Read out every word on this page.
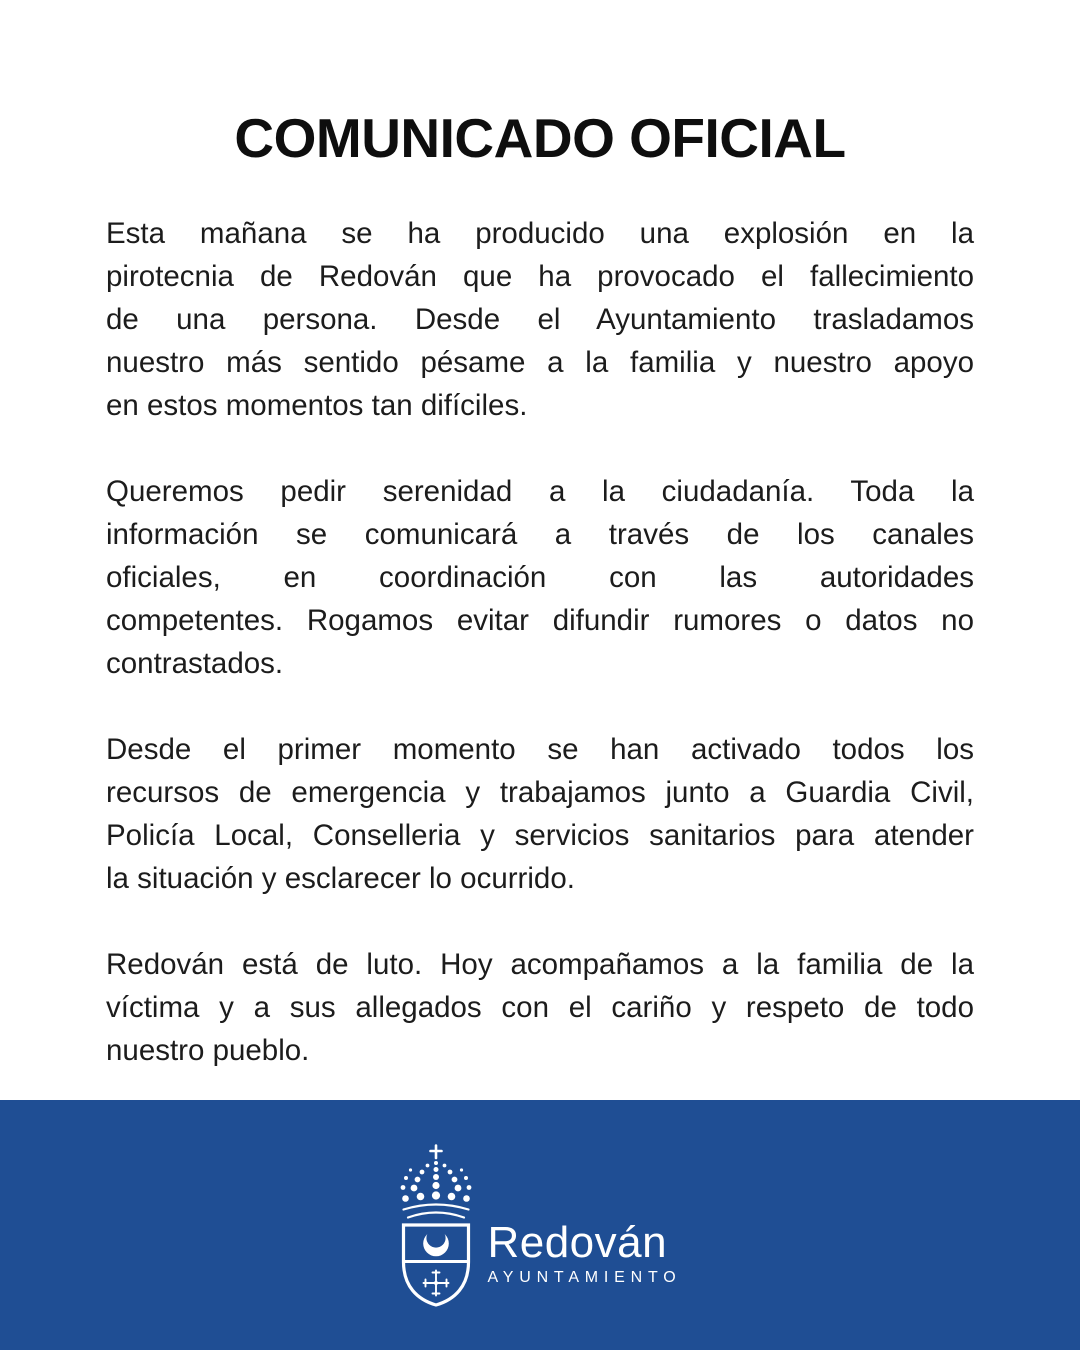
COMUNICADO OFICIAL
Esta mañana se ha producido una explosión en la
pirotecnia de Redován que ha provocado el fallecimiento
de una persona. Desde el Ayuntamiento trasladamos
nuestro más sentido pésame a la familia y nuestro apoyo
en estos momentos tan difíciles.
Queremos pedir serenidad a la ciudadanía. Toda la
información se comunicará a través de los canales
oficiales, en coordinación con las autoridades
competentes. Rogamos evitar difundir rumores o datos no
contrastados.
Desde el primer momento se han activado todos los
recursos de emergencia y trabajamos junto a Guardia Civil,
Policía Local, Conselleria y servicios sanitarios para atender
la situación y esclarecer lo ocurrido.
Redován está de luto. Hoy acompañamos a la familia de la
víctima y a sus allegados con el cariño y respeto de todo
nuestro pueblo.
Redován
AYUNTAMIENTO
